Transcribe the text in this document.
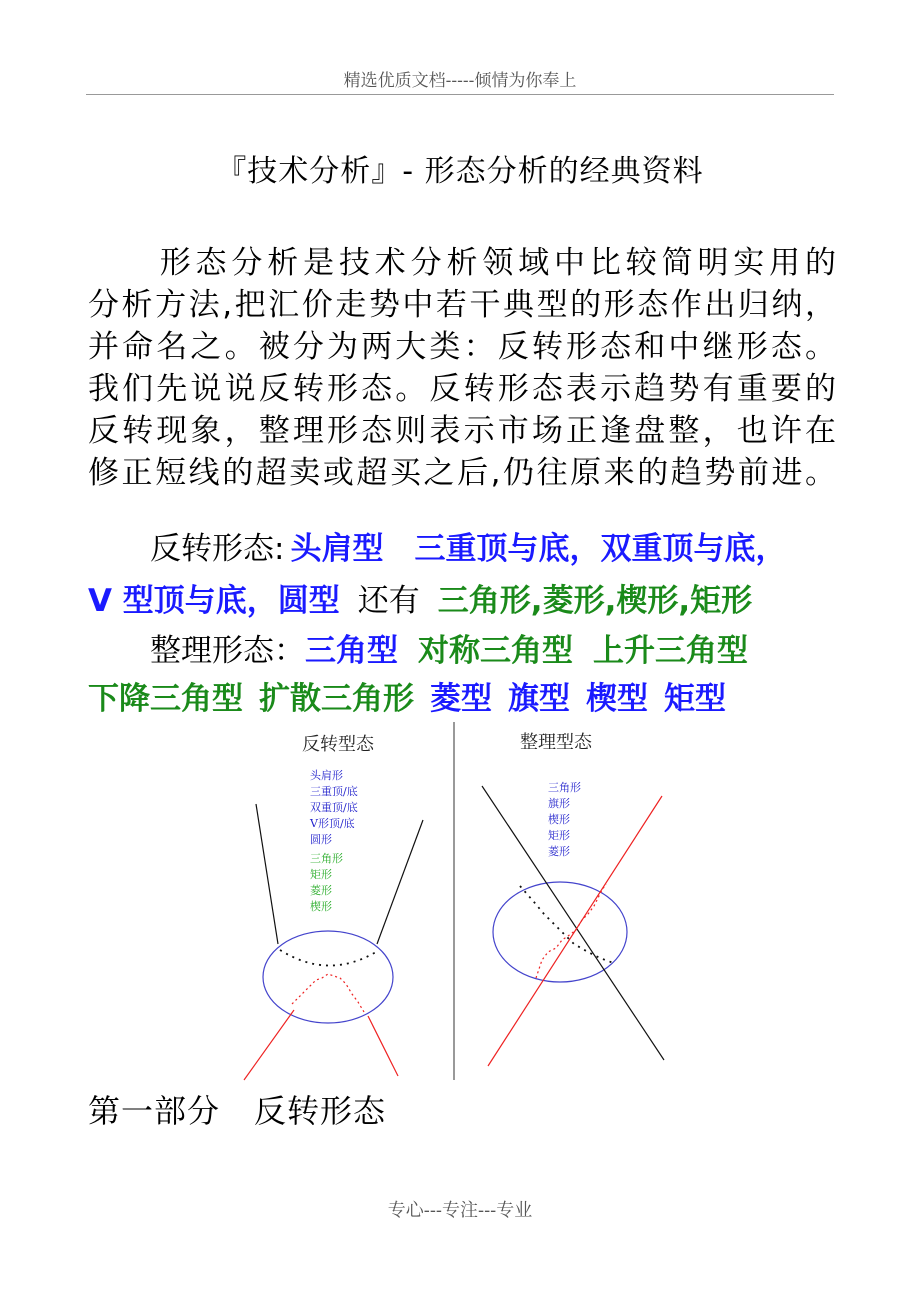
精选优质文档-----倾情为你奉上
『技术分析』- 形态分析的经典资料
　　形态分析是技术分析领域中比较简明实用的
分析方法,把汇价走势中若干典型的形态作出归纳，
并命名之。被分为两大类：反转形态和中继形态。
我们先说说反转形态。反转形态表示趋势有重要的
反转现象，整理形态则表示市场正逢盘整，也许在
修正短线的超卖或超买之后,仍往原来的趋势前进。
反转形态: 头肩型　三重顶与底，双重顶与底，
V 型顶与底，圆型 还有 三角形,菱形,楔形,矩形
整理形态：三角型 对称三角型 上升三角型
下降三角型 扩散三角形 菱型 旗型 楔型 矩型
反转型态
头肩形
三重顶/底
双重顶/底
V形顶/底
圆形
三角形
矩形
菱形
楔形
整理型态
三角形
旗形
楔形
矩形
菱形
第一部分 反转形态
专心---专注---专业
